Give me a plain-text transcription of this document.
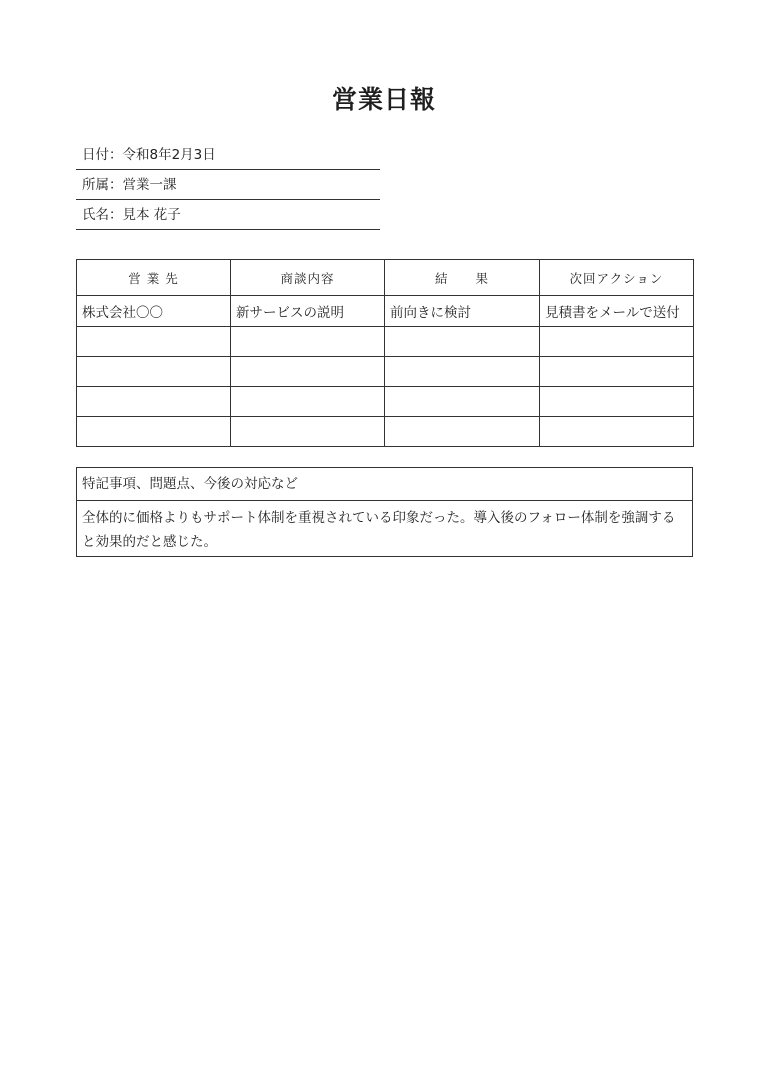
営業日報
日付：令和8年2月3日
所属：営業一課
氏名：見本 花子
営 業 先	商談内容	結　　果	次回アクション
株式会社〇〇	新サービスの説明	前向きに検討	見積書をメールで送付

特記事項、問題点、今後の対応など
全体的に価格よりもサポート体制を重視されている印象だった。導入後のフォロー体制を強調すると効果的だと感じた。
